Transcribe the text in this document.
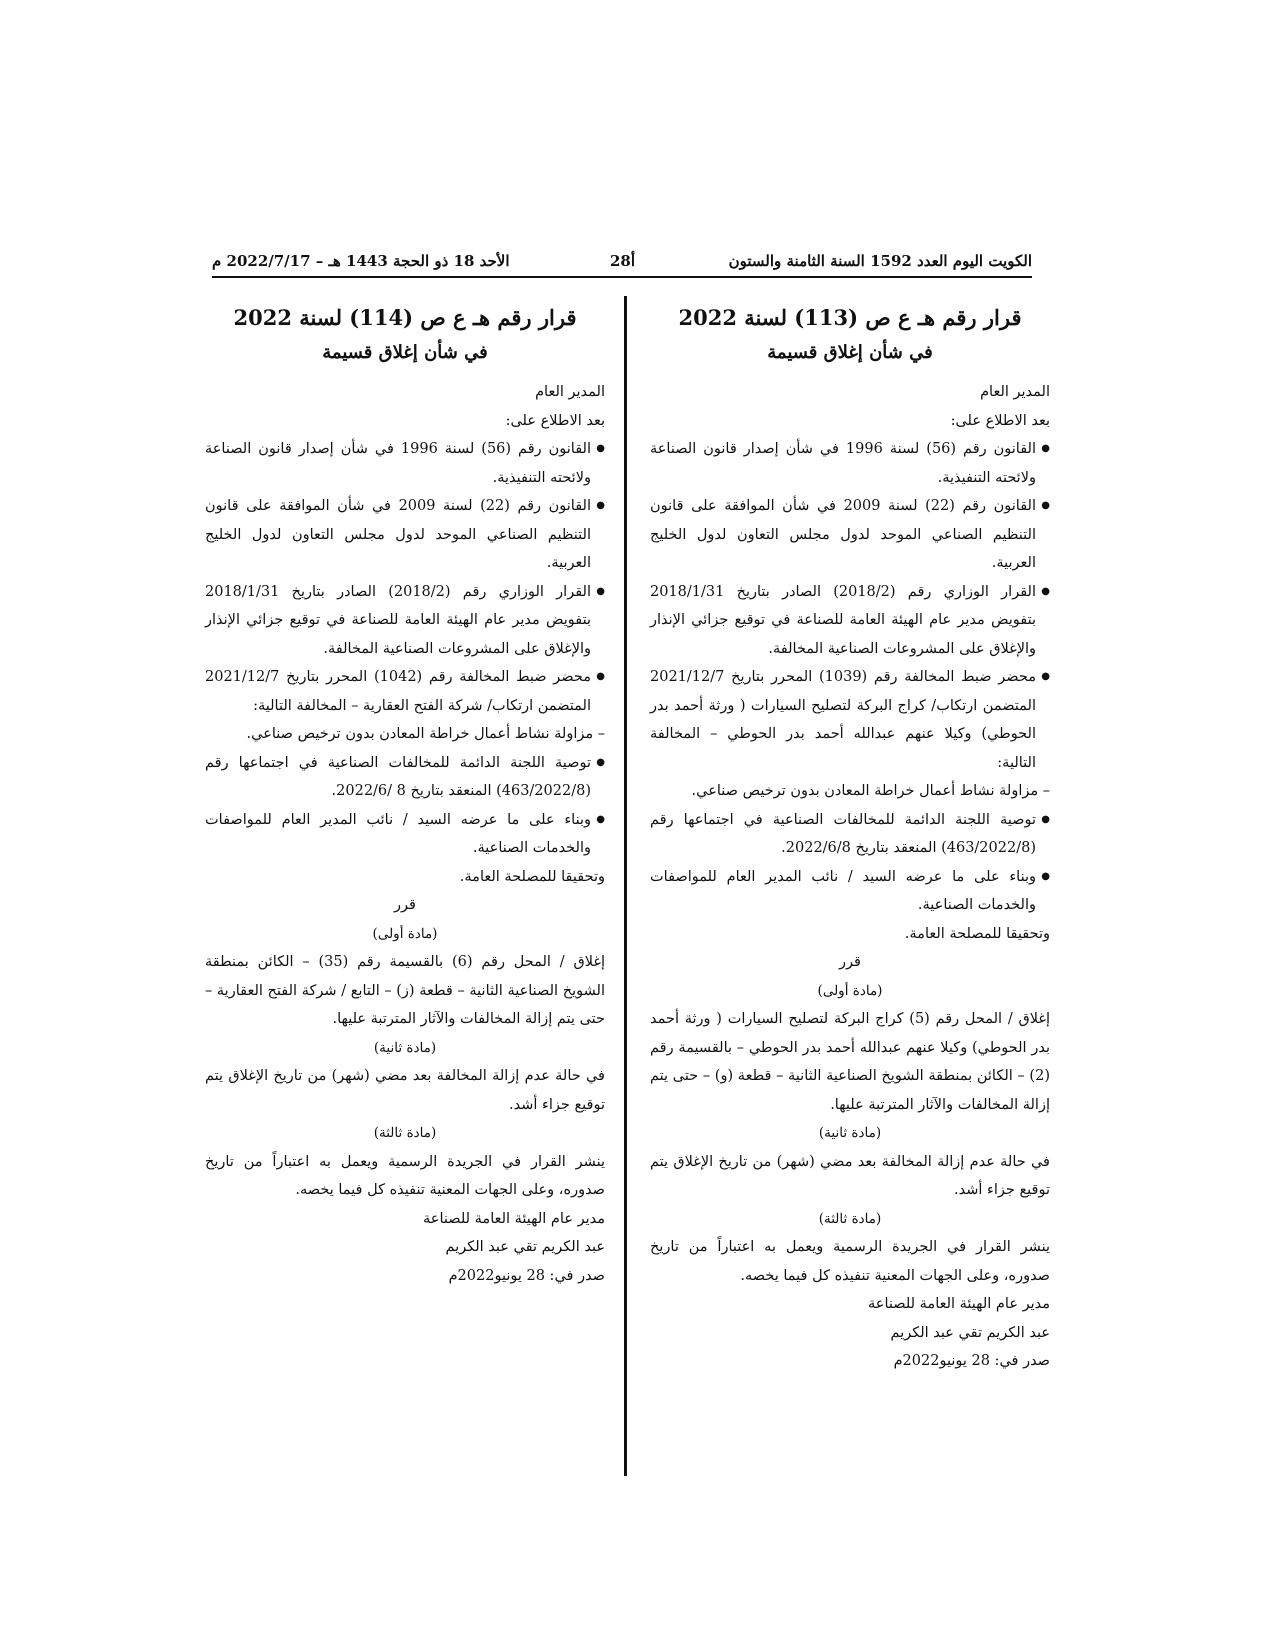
الكويت اليوم العدد 1592 السنة الثامنة والستون
28أ
الأحد 18 ذو الحجة 1443 هـ – 2022/7/17 م

قرار رقم هـ ع ص (113) لسنة 2022

في شأن إغلاق قسيمة

المدير العام

بعد الاطلاع على:

● القانون رقم (56) لسنة 1996 في شأن إصدار قانون الصناعة ولائحته التنفيذية.

● القانون رقم (22) لسنة 2009 في شأن الموافقة على قانون التنظيم الصناعي الموحد لدول مجلس التعاون لدول الخليج العربية.

● القرار الوزاري رقم (2018/2) الصادر بتاريخ 2018/1/31 بتفويض مدير عام الهيئة العامة للصناعة في توقيع جزائي الإنذار والإغلاق على المشروعات الصناعية المخالفة.

● محضر ضبط المخالفة رقم (1039) المحرر بتاريخ 2021/12/7 المتضمن ارتكاب/ كراج البركة لتصليح السيارات ( ورثة أحمد بدر الحوطي) وكيلا عنهم عبدالله أحمد بدر الحوطي – المخالفة التالية:

– مزاولة نشاط أعمال خراطة المعادن بدون ترخيص صناعي.

● توصية اللجنة الدائمة للمخالفات الصناعية في اجتماعها رقم (463/2022/8) المنعقد بتاريخ 2022/6/8.

● وبناء على ما عرضه السيد / نائب المدير العام للمواصفات والخدمات الصناعية.

وتحقيقا للمصلحة العامة.

قرر

(مادة أولى)

إغلاق / المحل رقم (5) كراج البركة لتصليح السيارات ( ورثة أحمد بدر الحوطي) وكيلا عنهم عبدالله أحمد بدر الحوطي – بالقسيمة رقم (2) – الكائن بمنطقة الشويخ الصناعية الثانية – قطعة (و) – حتى يتم إزالة المخالفات والآثار المترتبة عليها.

(مادة ثانية)

في حالة عدم إزالة المخالفة بعد مضي (شهر) من تاريخ الإغلاق يتم توقيع جزاء أشد.

(مادة ثالثة)

ينشر القرار في الجريدة الرسمية ويعمل به اعتباراً من تاريخ صدوره، وعلى الجهات المعنية تنفيذه كل فيما يخصه.

مدير عام الهيئة العامة للصناعة

عبد الكريم تقي عبد الكريم

صدر في: 28 يونيو2022م

قرار رقم هـ ع ص (114) لسنة 2022

في شأن إغلاق قسيمة

المدير العام

بعد الاطلاع على:

● القانون رقم (56) لسنة 1996 في شأن إصدار قانون الصناعة ولائحته التنفيذية.

● القانون رقم (22) لسنة 2009 في شأن الموافقة على قانون التنظيم الصناعي الموحد لدول مجلس التعاون لدول الخليج العربية.

● القرار الوزاري رقم (2018/2) الصادر بتاريخ 2018/1/31 بتفويض مدير عام الهيئة العامة للصناعة في توقيع جزائي الإنذار والإغلاق على المشروعات الصناعية المخالفة.

● محضر ضبط المخالفة رقم (1042) المحرر بتاريخ 2021/12/7 المتضمن ارتكاب/ شركة الفتح العقارية – المخالفة التالية:

– مزاولة نشاط أعمال خراطة المعادن بدون ترخيص صناعي.

● توصية اللجنة الدائمة للمخالفات الصناعية في اجتماعها رقم (463/2022/8) المنعقد بتاريخ 8 /2022/6.

● وبناء على ما عرضه السيد / نائب المدير العام للمواصفات والخدمات الصناعية.

وتحقيقا للمصلحة العامة.

قرر

(مادة أولى)

إغلاق / المحل رقم (6) بالقسيمة رقم (35) – الكائن بمنطقة الشويخ الصناعية الثانية – قطعة (ز) – التابع / شركة الفتح العقارية – حتى يتم إزالة المخالفات والآثار المترتبة عليها.

(مادة ثانية)

في حالة عدم إزالة المخالفة بعد مضي (شهر) من تاريخ الإغلاق يتم توقيع جزاء أشد.

(مادة ثالثة)

ينشر القرار في الجريدة الرسمية ويعمل به اعتباراً من تاريخ صدوره، وعلى الجهات المعنية تنفيذه كل فيما يخصه.

مدير عام الهيئة العامة للصناعة

عبد الكريم تقي عبد الكريم

صدر في: 28 يونيو2022م
